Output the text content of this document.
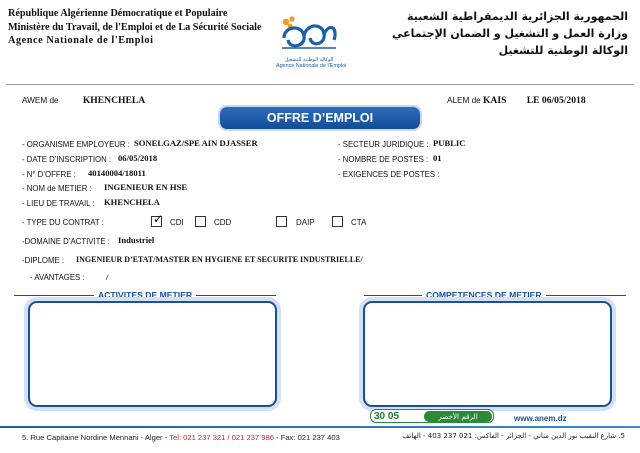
République Algérienne Démocratique et Populaire
Ministère du Travail, de l'Emploi et de La Sécurité Sociale
Agence Nationale de l'Emploi
الوكالة الوطنية للتشغيل
Agence Nationale de l'Emploi
الجمهورية الجزائرية الديمقراطية الشعبية
وزارة العمل و التشغيل و الضمان الإجتماعي
الوكالة الوطنية للتشغيل
AWEM de	KHENCHELA	ALEM de KAIS LE 06/05/2018
OFFRE D’EMPLOI
- ORGANISME EMPLOYEUR : SONELGAZ/SPE AIN DJASSER	- SECTEUR JURIDIQUE : PUBLIC
- DATE D’INSCRIPTION : 06/05/2018	- NOMBRE DE POSTES : 01
- N° D’OFFRE : 40140004/18011	- EXIGENCES DE POSTES :
- NOM de METIER : INGENIEUR EN HSE
- LIEU DE TRAVAIL : KHENCHELA
- TYPE DU CONTRAT :	✓ CDI	CDD	DAIP	CTA
-DOMAINE D’ACTIVITE : Industriel
-DIPLOME : INGENIEUR D’ETAT/MASTER EN HYGIENE ET SECURITE INDUSTRIELLE/
- AVANTAGES : /
ACTIVITES DE METIER	COMPETENCES DE METIER
30 05	الرقم الأخضر	www.anem.dz
5. Rue Capitaine Nordine Mennani - Alger - Tel: 021 237 321 / 021 237 986 - Fax: 021 237 403	5. شارع النقيب نور الدين مناني - الجزائر - الفاكس: 021 237 403 - الهاتف
